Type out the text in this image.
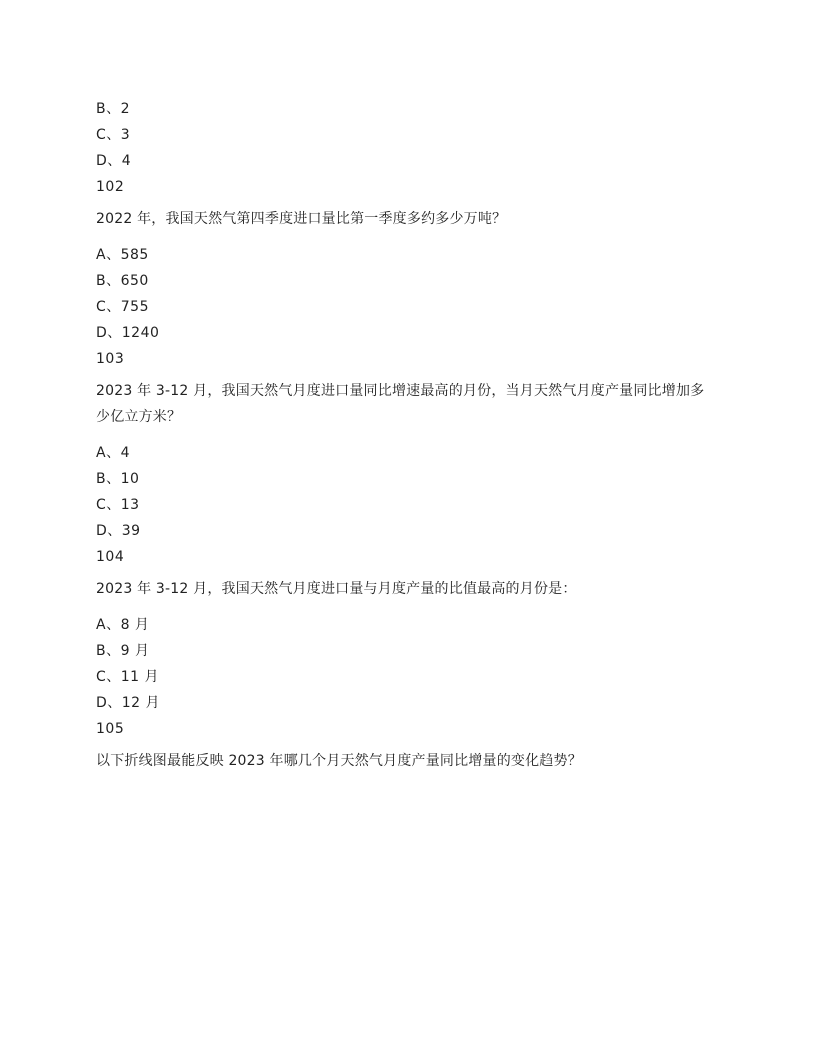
B、2
C、3
D、4
102
2022 年，我国天然气第四季度进口量比第一季度多约多少万吨？
A、585
B、650
C、755
D、1240
103
2023 年 3-12 月，我国天然气月度进口量同比增速最高的月份，当月天然气月度产量同比增加多少亿立方米？
A、4
B、10
C、13
D、39
104
2023 年 3-12 月，我国天然气月度进口量与月度产量的比值最高的月份是：
A、8 月
B、9 月
C、11 月
D、12 月
105
以下折线图最能反映 2023 年哪几个月天然气月度产量同比增量的变化趋势？
